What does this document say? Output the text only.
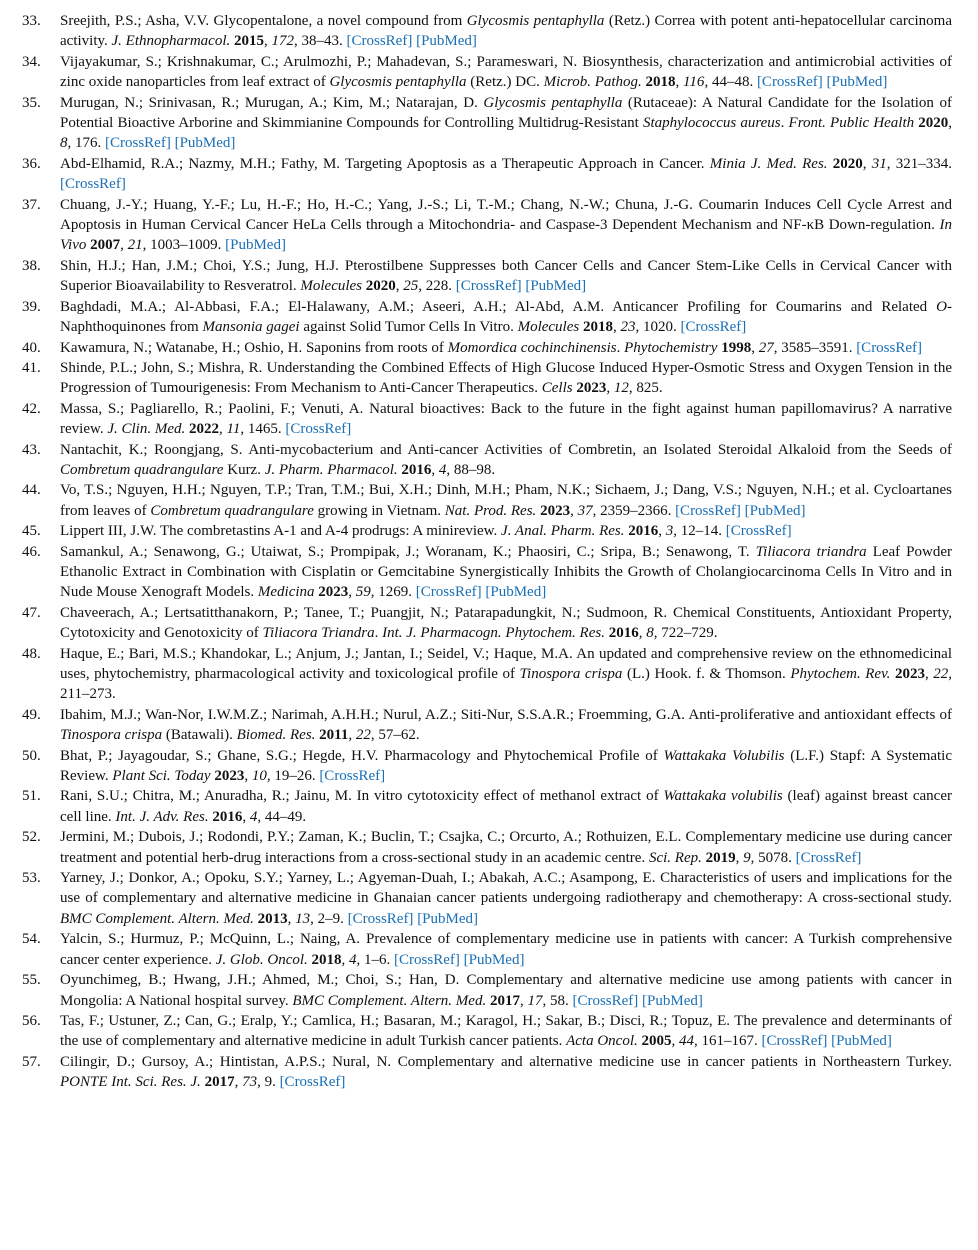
33. Sreejith, P.S.; Asha, V.V. Glycopentalone, a novel compound from Glycosmis pentaphylla (Retz.) Correa with potent anti-hepatocellular carcinoma activity. J. Ethnopharmacol. 2015, 172, 38–43. [CrossRef] [PubMed]
34. Vijayakumar, S.; Krishnakumar, C.; Arulmozhi, P.; Mahadevan, S.; Parameswari, N. Biosynthesis, characterization and antimicrobial activities of zinc oxide nanoparticles from leaf extract of Glycosmis pentaphylla (Retz.) DC. Microb. Pathog. 2018, 116, 44–48. [CrossRef] [PubMed]
35. Murugan, N.; Srinivasan, R.; Murugan, A.; Kim, M.; Natarajan, D. Glycosmis pentaphylla (Rutaceae): A Natural Candidate for the Isolation of Potential Bioactive Arborine and Skimmianine Compounds for Controlling Multidrug-Resistant Staphylococcus aureus. Front. Public Health 2020, 8, 176. [CrossRef] [PubMed]
36. Abd-Elhamid, R.A.; Nazmy, M.H.; Fathy, M. Targeting Apoptosis as a Therapeutic Approach in Cancer. Minia J. Med. Res. 2020, 31, 321–334. [CrossRef]
37. Chuang, J.-Y.; Huang, Y.-F.; Lu, H.-F.; Ho, H.-C.; Yang, J.-S.; Li, T.-M.; Chang, N.-W.; Chuna, J.-G. Coumarin Induces Cell Cycle Arrest and Apoptosis in Human Cervical Cancer HeLa Cells through a Mitochondria- and Caspase-3 Dependent Mechanism and NF-κB Down-regulation. In Vivo 2007, 21, 1003–1009. [PubMed]
38. Shin, H.J.; Han, J.M.; Choi, Y.S.; Jung, H.J. Pterostilbene Suppresses both Cancer Cells and Cancer Stem-Like Cells in Cervical Cancer with Superior Bioavailability to Resveratrol. Molecules 2020, 25, 228. [CrossRef] [PubMed]
39. Baghdadi, M.A.; Al-Abbasi, F.A.; El-Halawany, A.M.; Aseeri, A.H.; Al-Abd, A.M. Anticancer Profiling for Coumarins and Related O-Naphthoquinones from Mansonia gagei against Solid Tumor Cells In Vitro. Molecules 2018, 23, 1020. [CrossRef]
40. Kawamura, N.; Watanabe, H.; Oshio, H. Saponins from roots of Momordica cochinchinensis. Phytochemistry 1998, 27, 3585–3591. [CrossRef]
41. Shinde, P.L.; John, S.; Mishra, R. Understanding the Combined Effects of High Glucose Induced Hyper-Osmotic Stress and Oxygen Tension in the Progression of Tumourigenesis: From Mechanism to Anti-Cancer Therapeutics. Cells 2023, 12, 825.
42. Massa, S.; Pagliarello, R.; Paolini, F.; Venuti, A. Natural bioactives: Back to the future in the fight against human papillomavirus? A narrative review. J. Clin. Med. 2022, 11, 1465. [CrossRef]
43. Nantachit, K.; Roongjang, S. Anti-mycobacterium and Anti-cancer Activities of Combretin, an Isolated Steroidal Alkaloid from the Seeds of Combretum quadrangulare Kurz. J. Pharm. Pharmacol. 2016, 4, 88–98.
44. Vo, T.S.; Nguyen, H.H.; Nguyen, T.P.; Tran, T.M.; Bui, X.H.; Dinh, M.H.; Pham, N.K.; Sichaem, J.; Dang, V.S.; Nguyen, N.H.; et al. Cycloartanes from leaves of Combretum quadrangulare growing in Vietnam. Nat. Prod. Res. 2023, 37, 2359–2366. [CrossRef] [PubMed]
45. Lippert III, J.W. The combretastins A-1 and A-4 prodrugs: A minireview. J. Anal. Pharm. Res. 2016, 3, 12–14. [CrossRef]
46. Samankul, A.; Senawong, G.; Utaiwat, S.; Prompipak, J.; Woranam, K.; Phaosiri, C.; Sripa, B.; Senawong, T. Tiliacora triandra Leaf Powder Ethanolic Extract in Combination with Cisplatin or Gemcitabine Synergistically Inhibits the Growth of Cholangiocarcinoma Cells In Vitro and in Nude Mouse Xenograft Models. Medicina 2023, 59, 1269. [CrossRef] [PubMed]
47. Chaveerach, A.; Lertsatitthanakorn, P.; Tanee, T.; Puangjit, N.; Patarapadungkit, N.; Sudmoon, R. Chemical Constituents, Antioxidant Property, Cytotoxicity and Genotoxicity of Tiliacora Triandra. Int. J. Pharmacogn. Phytochem. Res. 2016, 8, 722–729.
48. Haque, E.; Bari, M.S.; Khandokar, L.; Anjum, J.; Jantan, I.; Seidel, V.; Haque, M.A. An updated and comprehensive review on the ethnomedicinal uses, phytochemistry, pharmacological activity and toxicological profile of Tinospora crispa (L.) Hook. f. & Thomson. Phytochem. Rev. 2023, 22, 211–273.
49. Ibahim, M.J.; Wan-Nor, I.W.M.Z.; Narimah, A.H.H.; Nurul, A.Z.; Siti-Nur, S.S.A.R.; Froemming, G.A. Anti-proliferative and antioxidant effects of Tinospora crispa (Batawali). Biomed. Res. 2011, 22, 57–62.
50. Bhat, P.; Jayagoudar, S.; Ghane, S.G.; Hegde, H.V. Pharmacology and Phytochemical Profile of Wattakaka Volubilis (L.F.) Stapf: A Systematic Review. Plant Sci. Today 2023, 10, 19–26. [CrossRef]
51. Rani, S.U.; Chitra, M.; Anuradha, R.; Jainu, M. In vitro cytotoxicity effect of methanol extract of Wattakaka volubilis (leaf) against breast cancer cell line. Int. J. Adv. Res. 2016, 4, 44–49.
52. Jermini, M.; Dubois, J.; Rodondi, P.Y.; Zaman, K.; Buclin, T.; Csajka, C.; Orcurto, A.; Rothuizen, E.L. Complementary medicine use during cancer treatment and potential herb-drug interactions from a cross-sectional study in an academic centre. Sci. Rep. 2019, 9, 5078. [CrossRef]
53. Yarney, J.; Donkor, A.; Opoku, S.Y.; Yarney, L.; Agyeman-Duah, I.; Abakah, A.C.; Asampong, E. Characteristics of users and implications for the use of complementary and alternative medicine in Ghanaian cancer patients undergoing radiotherapy and chemotherapy: A cross-sectional study. BMC Complement. Altern. Med. 2013, 13, 2–9. [CrossRef] [PubMed]
54. Yalcin, S.; Hurmuz, P.; McQuinn, L.; Naing, A. Prevalence of complementary medicine use in patients with cancer: A Turkish comprehensive cancer center experience. J. Glob. Oncol. 2018, 4, 1–6. [CrossRef] [PubMed]
55. Oyunchimeg, B.; Hwang, J.H.; Ahmed, M.; Choi, S.; Han, D. Complementary and alternative medicine use among patients with cancer in Mongolia: A National hospital survey. BMC Complement. Altern. Med. 2017, 17, 58. [CrossRef] [PubMed]
56. Tas, F.; Ustuner, Z.; Can, G.; Eralp, Y.; Camlica, H.; Basaran, M.; Karagol, H.; Sakar, B.; Disci, R.; Topuz, E. The prevalence and determinants of the use of complementary and alternative medicine in adult Turkish cancer patients. Acta Oncol. 2005, 44, 161–167. [CrossRef] [PubMed]
57. Cilingir, D.; Gursoy, A.; Hintistan, A.P.S.; Nural, N. Complementary and alternative medicine use in cancer patients in Northeastern Turkey. PONTE Int. Sci. Res. J. 2017, 73, 9. [CrossRef]
